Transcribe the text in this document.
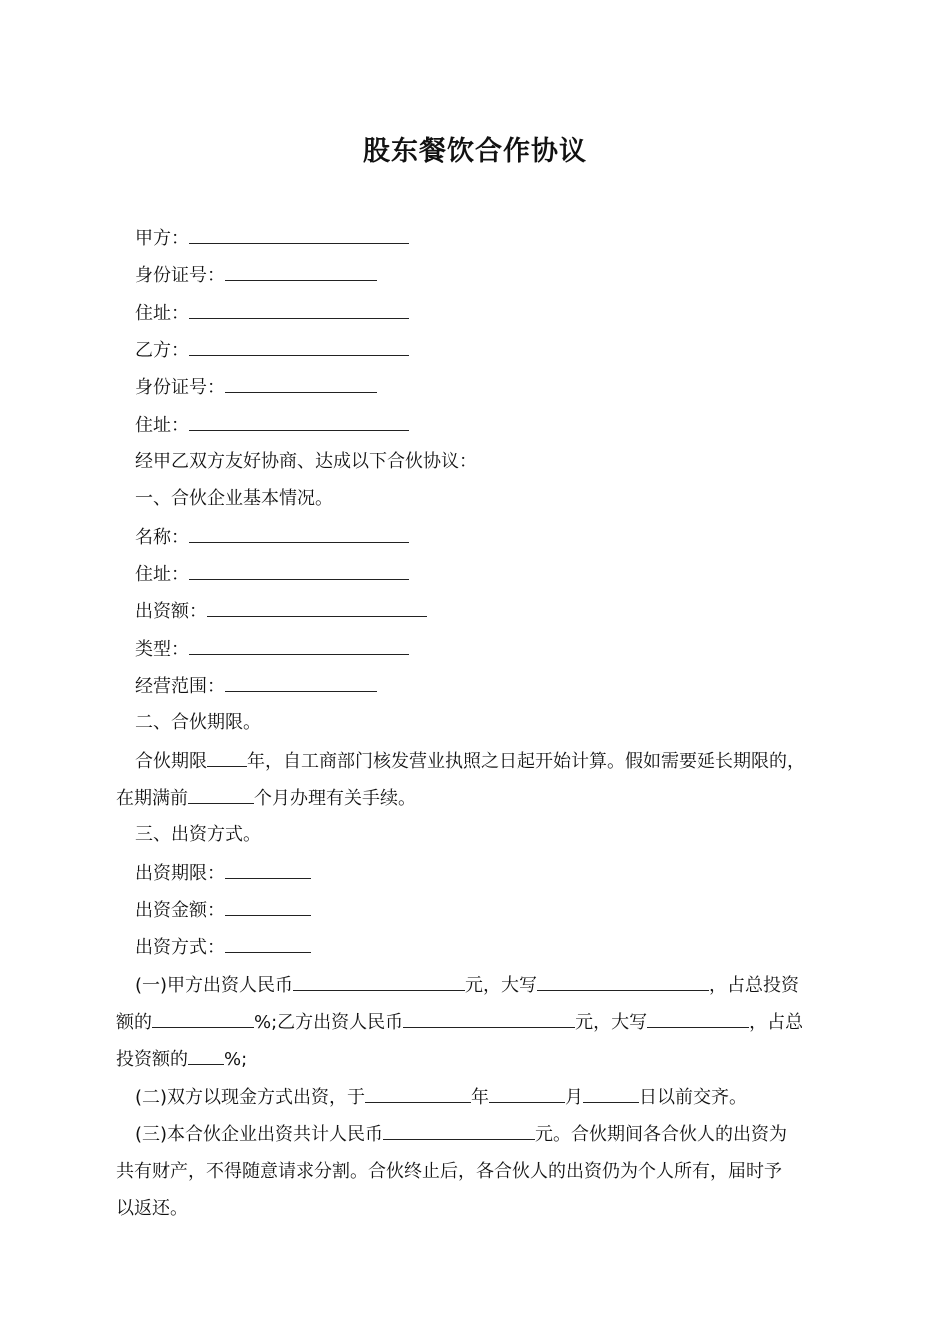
股东餐饮合作协议
甲方：
身份证号：
住址：
乙方：
身份证号：
住址：
经甲乙双方友好协商、达成以下合伙协议：
一、合伙企业基本情况。
名称：
住址：
出资额：
类型：
经营范围：
二、合伙期限。
合伙期限 年，自工商部门核发营业执照之日起开始计算。假如需要延长期限的，
在期满前	个月办理有关手续。
三、出资方式。
出资期限：
出资金额：
出资方式：
(一)甲方出资人民币	元，大写	，占总投资
额的	%;乙方出资人民币	元，大写	，占总
投资额的 %;
(二)双方以现金方式出资，于	年	月	日以前交齐。
(三)本合伙企业出资共计人民币	元。合伙期间各合伙人的出资为
共有财产，不得随意请求分割。合伙终止后，各合伙人的出资仍为个人所有，届时予
以返还。
